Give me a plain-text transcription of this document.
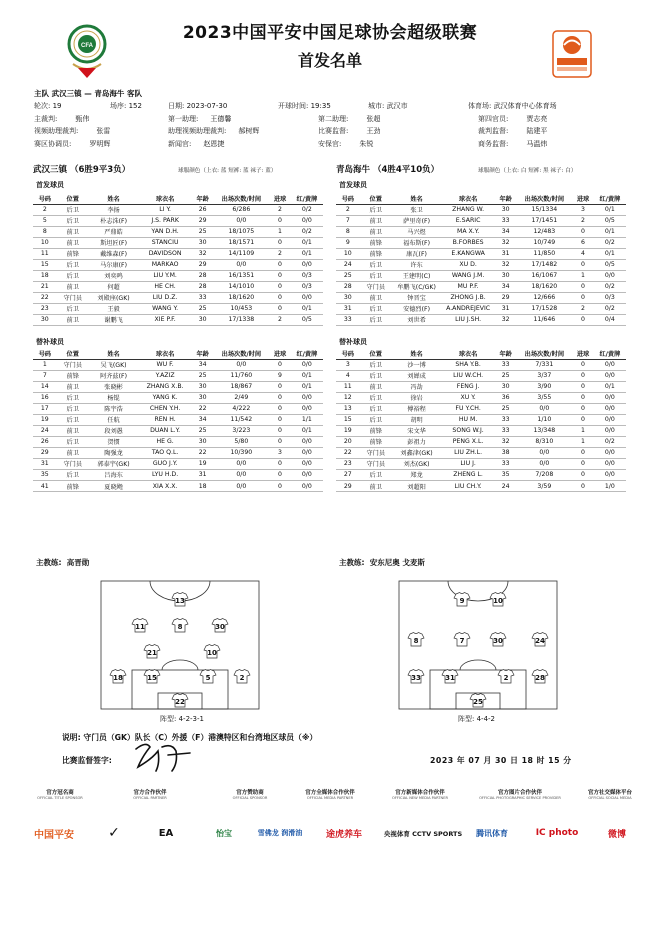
CFA
2023中国平安中国足球协会超级联赛
首发名单
主队
武汉三镇
—
青岛海牛
客队
轮次:
19	场序:
152	日期:
2023-07-30	开球时间:
19:35	城市:
武汉市	体育场:
武汉体育中心体育场
主裁判:	甄伟	第一助理: 王德馨	第二助理:	张超	第四官员:	贾志亮
视频助理裁判:	张雷	助理视频助理裁判: 郝树辉	比赛监督:	王劲	裁判监督:	陆建平
赛区协调员:	罗明辉	新闻官: 赵恩捷	安保官:	朱锐	商务监督:	马温炜
武汉三镇 （6胜9平3负）	球服颜色（上衣: 蓝 短裤: 蓝 袜子: 蓝）	青岛海牛 （4胜4平10负）	球服颜色（上衣: 白 短裤: 黑 袜子: 白）
首发球员	首发球员
号码	位置	姓名	球衣名	年龄	出场次数/时间	进球	红/黄牌
2	后卫	李扬	LI Y.	26	6/286	2	0/2
5	后卫	朴志洙(F)	J.S. PARK	29	0/0	0	0/0
8	前卫	严鼎皓	YAN D.H.	25	18/1075	1	0/2
10	前卫	斯坦匠(F)	STANCIU	30	18/1571	0	0/1
11	前锋	戴维森(F)	DAVIDSON	32	14/1109	2	0/1
15	后卫	马尔康(F)	MARKAO	29	0/0	0	0/0
18	后卫	刘奕鸣	LIU Y.M.	28	16/1351	0	0/3
21	前卫	何超	HE CH.	28	14/1010	0	0/3
22	守门员	刘殿座(GK)	LIU D.Z.	33	18/1620	0	0/0
23	后卫	王毅	WANG Y.	25	10/453	0	0/1
30	前卫	谢鹏飞	XIE P.F.	30	17/1338	2	0/5
号码	位置	姓名	球衣名	年龄	出场次数/时间	进球	红/黄牌
2	后卫	张卫	ZHANG W.	30	15/1334	3	0/1
7	前卫	萨里奇(F)	E.SARIC	33	17/1451	2	0/5
8	前卫	马兴煜	MA X.Y.	34	12/483	0	0/1
9	前锋	福布斯(F)	B.FORBES	32	10/749	6	0/2
10	前锋	康瓦(F)	E.KANGWA	31	11/850	4	0/1
24	后卫	许东	XU D.	32	17/1482	0	0/5
25	后卫	王建明(C)	WANG J.M.	30	16/1067	1	0/0
28	守门员	牟鹏飞(C/GK)	MU P.F.	34	18/1620	0	0/2
30	前卫	钟晋宝	ZHONG J.B.	29	12/666	0	0/3
31	后卫	安德烈(F)	A.ANDREJEVIC	31	17/1528	2	0/2
33	后卫	刘世希	LIU J.SH.	32	11/646	0	0/4
替补球员	替补球员
号码	位置	姓名	球衣名	年龄	出场次数/时间	进球	红/黄牌
1	守门员	吴飞(GK)	WU F.	34	0/0	0	0/0
7	前锋	阿齐兹(F)	Y.AZIZ	25	11/760	9	0/1
14	前卫	张晓彬	ZHANG X.B.	30	18/867	0	0/1
16	后卫	杨锟	YANG K.	30	2/49	0	0/0
17	后卫	陈宇浩	CHEN Y.H.	22	4/222	0	0/0
19	后卫	任航	REN H.	34	11/542	0	1/1
24	前卫	段刘愚	DUAN L.Y.	25	3/223	0	0/1
26	后卫	贺惯	HE G.	30	5/80	0	0/0
29	前卫	陶强龙	TAO Q.L.	22	10/390	3	0/0
31	守门员	郭泰宇(GK)	GUO J.Y.	19	0/0	0	0/0
35	后卫	吕海东	LYU H.D.	31	0/0	0	0/0
41	前锋	夏晓飏	XIA X.X.	18	0/0	0	0/0
号码	位置	姓名	球衣名	年龄	出场次数/时间	进球	红/黄牌
3	后卫	沙一博	SHA Y.B.	33	7/331	0	0/0
4	后卫	刘婵成	LIU W.CH.	25	3/37	0	0/0
11	前卫	冯劼	FENG J.	30	3/90	0	0/1
12	后卫	徐岩	XU Y.	36	3/55	0	0/0
13	后卫	傅裕程	FU Y.CH.	25	0/0	0	0/0
15	后卫	胡明	HU M.	33	1/10	0	0/0
19	前锋	宋文华	SONG W.J.	33	13/348	1	0/0
20	前锋	彭祖力	PENG X.L.	32	8/310	1	0/2
22	守门员	刘鑫津(GK)	LIU ZH.L.	38	0/0	0	0/0
23	守门员	刘杰(GK)	LIU J.	33	0/0	0	0/0
27	后卫	郑龙	ZHENG L.	35	7/208	0	0/0
29	前卫	刘超阳	LIU CH.Y.	24	3/59	0	1/0
主教练: 高晋勋	主教练: 安东尼奥 戈麦斯
13
11	8	30
21	10
18	15	5	2
22
9	10
8	7	30	24
33	31	2	28
25
阵型: 4-2-3-1	阵型: 4-4-2
说明: 守门员（GK）队长（C）外援（F）港澳特区和台湾地区球员（※）
比赛监督签字:	2023 年 07 月 30 日 18 时 15 分
官方冠名商
OFFICIAL TITLE SPONSOR
官方合作伙伴
OFFICIAL PARTNER
官方赞助商
OFFICIAL SPONSOR
官方全媒体合作伙伴
OFFICIAL MEDIA PARTNER
官方新媒体合作伙伴
OFFICIAL NEW MEDIA PARTNER
官方图片合作伙伴
OFFICIAL PHOTOGRAPHIC SERVICE PROVIDER
官方社交媒体平台
OFFICIAL SOCIAL MEDIA
中国平安	✓	EA	怡宝	雪佛龙 润滑油	途虎养车	央视体育 CCTV SPORTS	腾讯体育	IC photo	微博
